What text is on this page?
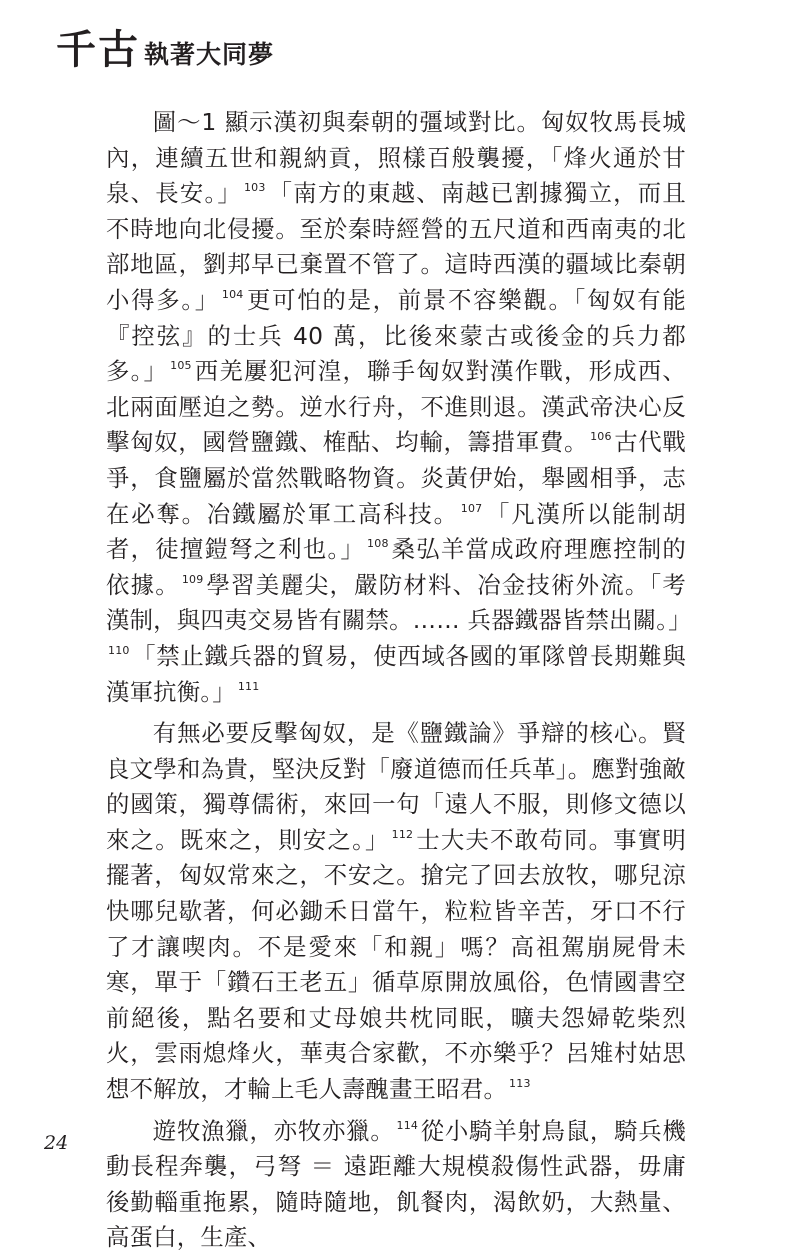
千古 執著大同夢

圖～1 顯示漢初與秦朝的彊域對比。匈奴牧馬長城內，連續五世和親納貢，照樣百般襲擾，「烽火通於甘泉、長安。」 $^{103}$「南方的東越、南越已割據獨立，而且不時地向北侵擾。至於秦時經營的五尺道和西南夷的北部地區，劉邦早已棄置不管了。這時西漢的疆域比秦朝小得多。」 $^{104}$更可怕的是，前景不容樂觀。「匈奴有能『控弦』的士兵 40 萬，比後來蒙古或後金的兵力都多。」 $^{105}$西羌屢犯河湟，聯手匈奴對漢作戰，形成西、北兩面壓迫之勢。逆水行舟，不進則退。漢武帝決心反擊匈奴，國營鹽鐵、榷酤、均輸，籌措軍費。 $^{106}$古代戰爭，食鹽屬於當然戰略物資。炎黃伊始，舉國相爭，志在必奪。冶鐵屬於軍工高科技。 $^{107}$「凡漢所以能制胡者，徒擅鎧弩之利也。」 $^{108}$桑弘羊當成政府理應控制的依據。 $^{109}$學習美麗尖，嚴防材料、冶金技術外流。「考漢制，與四夷交易皆有關禁。…… 兵器鐵器皆禁出關。」$^{110}$「禁止鐵兵器的貿易，使西域各國的軍隊曾長期難與漢軍抗衡。」 $^{111}$

有無必要反擊匈奴，是《鹽鐵論》爭辯的核心。賢良文學和為貴，堅決反對「廢道德而任兵革」。應對強敵的國策，獨尊儒術，來回一句「遠人不服，則修文德以來之。既來之，則安之。」 $^{112}$士大夫不敢苟同。事實明擺著，匈奴常來之，不安之。搶完了回去放牧，哪兒涼快哪兒歇著，何必鋤禾日當午，粒粒皆辛苦，牙口不行了才讓喫肉。不是愛來「和親」嗎？高祖駕崩屍骨未寒，單于「鑽石王老五」循草原開放風俗，色情國書空前絕後，點名要和丈母娘共枕同眠，曠夫怨婦乾柴烈火，雲雨熄烽火，華夷合家歡，不亦樂乎？呂雉村姑思想不解放，才輪上毛人壽醜畫王昭君。 $^{113}$

遊牧漁獵，亦牧亦獵。 $^{114}$從小騎羊射鳥鼠，騎兵機動長程奔襲，弓弩 ＝ 遠距離大規模殺傷性武器，毋庸後勤輜重拖累，隨時隨地，飢餐肉，渴飲奶，大熱量、高蛋白，生產、

24
